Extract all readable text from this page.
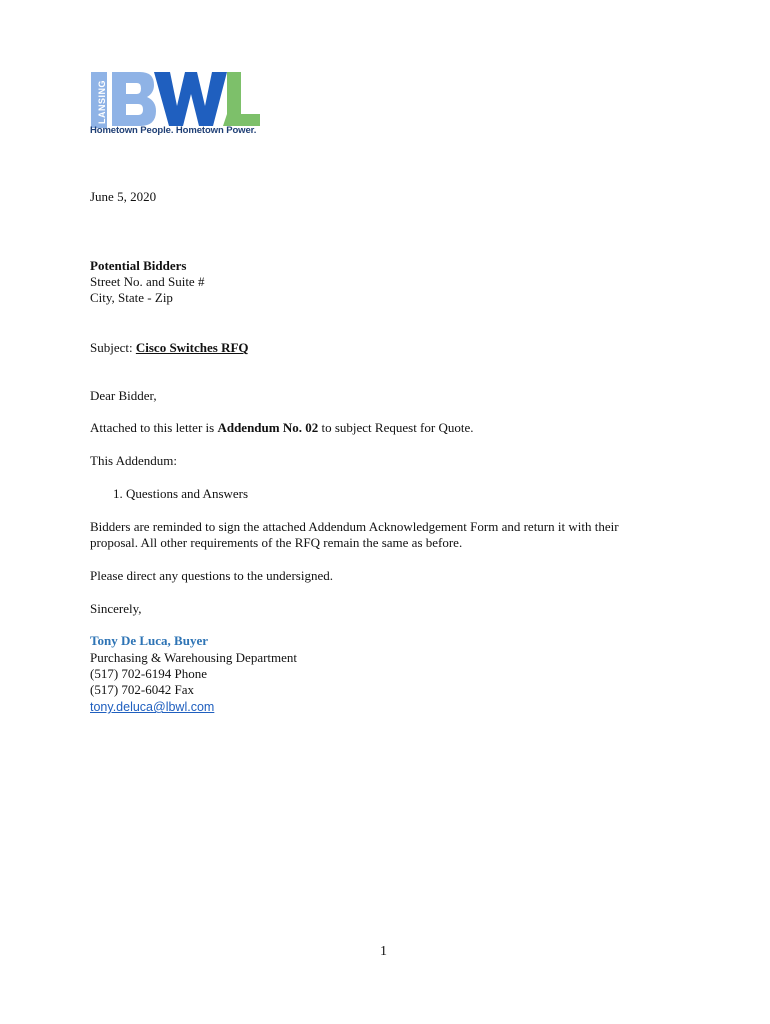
LANSING
Hometown People. Hometown Power.
June 5, 2020
Potential Bidders
Street No. and Suite #
City, State - Zip
Subject: Cisco Switches RFQ
Dear Bidder,
Attached to this letter is Addendum No. 02 to subject Request for Quote.
This Addendum:
1. Questions and Answers
Bidders are reminded to sign the attached Addendum Acknowledgement Form and return it with their
proposal. All other requirements of the RFQ remain the same as before.
Please direct any questions to the undersigned.
Sincerely,
Tony De Luca, Buyer
Purchasing & Warehousing Department
(517) 702-6194 Phone
(517) 702-6042 Fax
tony.deluca@lbwl.com
1
